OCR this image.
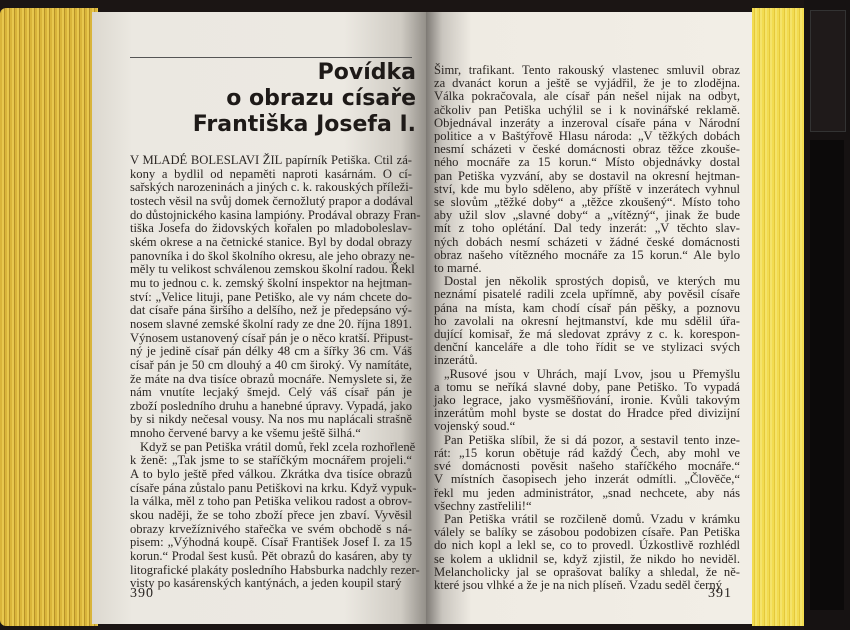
Povídka
o obrazu císaře
Františka Josefa I.
V MLADÉ BOLESLAVI ŽIL papírník Petiška. Ctil zá-
kony a bydlil od nepaměti naproti kasárnám. O cí-
sařských narozeninách a jiných c. k. rakouských příleži-
tostech věsil na svůj domek černožlutý prapor a dodával
do důstojnického kasina lampióny. Prodával obrazy Fran-
tiška Josefa do židovských kořalen po mladoboleslav-
ském okrese a na četnické stanice. Byl by dodal obrazy
panovníka i do škol školního okresu, ale jeho obrazy ne-
měly tu velikost schválenou zemskou školní radou. Řekl
mu to jednou c. k. zemský školní inspektor na hejtman-
ství: „Velice lituji, pane Petiško, ale vy nám chcete do-
dat císaře pána širšího a delšího, než je předepsáno vý-
nosem slavné zemské školní rady ze dne 20. října 1891.
Výnosem ustanovený císař pán je o něco kratší. Připust-
ný je jedině císař pán délky 48 cm a šířky 36 cm. Váš
císař pán je 50 cm dlouhý a 40 cm široký. Vy namítáte,
že máte na dva tisíce obrazů mocnáře. Nemyslete si, že
nám vnutíte lecjaký šmejd. Celý váš císař pán je
zboží posledního druhu a hanebné úpravy. Vypadá, jako
by si nikdy nečesal vousy. Na nos mu naplácali strašně
mnoho červené barvy a ke všemu ještě šilhá.“
Když se pan Petiška vrátil domů, řekl zcela rozhořleně
k ženě: „Tak jsme to se staříčkým mocnářem projeli.“
A to bylo ještě před válkou. Zkrátka dva tisíce obrazů
císaře pána zůstalo panu Petiškovi na krku. Když vypuk-
la válka, měl z toho pan Petiška velikou radost a obrov-
skou naději, že se toho zboží přece jen zbaví. Vyvěsil
obrazy krvežíznivého stařečka ve svém obchodě s ná-
pisem: „Výhodná koupě. Císař František Josef I. za 15
korun.“ Prodal šest kusů. Pět obrazů do kasáren, aby ty
litografické plakáty posledního Habsburka nadchly rezer-
visty po kasárenských kantýnách, a jeden koupil starý
390
Šimr, trafikant. Tento rakouský vlastenec smluvil obraz
za dvanáct korun a ještě se vyjádřil, že je to zlodějna.
Válka pokračovala, ale císař pán nešel nijak na odbyt,
ačkoliv pan Petiška uchýlil se i k novinářské reklamě.
Objednával inzeráty a inzeroval císaře pána v Národní
politice a v Baštýřově Hlasu národa: „V těžkých dobách
nesmí scházeti v české domácnosti obraz těžce zkouše-
ného mocnáře za 15 korun.“ Místo objednávky dostal
pan Petiška vyzvání, aby se dostavil na okresní hejtman-
ství, kde mu bylo sděleno, aby příště v inzerátech vyhnul
se slovům „těžké doby“ a „těžce zkoušený“. Místo toho
aby užil slov „slavné doby“ a „vítězný“, jinak že bude
mít z toho oplétání. Dal tedy inzerát: „V těchto slav-
ných dobách nesmí scházeti v žádné české domácnosti
obraz našeho vítězného mocnáře za 15 korun.“ Ale bylo
to marné.
Dostal jen několik sprostých dopisů, ve kterých mu
neznámí pisatelé radili zcela upřímně, aby pověsil císaře
pána na místa, kam chodí císař pán pěšky, a poznovu
ho zavolali na okresní hejtmanství, kde mu sdělil úřa-
dující komisař, že má sledovat zprávy z c. k. korespon-
denční kanceláře a dle toho řídit se ve stylizaci svých
inzerátů.
„Rusové jsou v Uhrách, mají Lvov, jsou u Přemyšlu
a tomu se neříká slavné doby, pane Petiško. To vypadá
jako legrace, jako vysměšňování, ironie. Kvůli takovým
inzerátům mohl byste se dostat do Hradce před divizijní
vojenský soud.“
Pan Petiška slíbil, že si dá pozor, a sestavil tento inze-
rát: „15 korun obětuje rád každý Čech, aby mohl ve
své domácnosti pověsit našeho staříčkého mocnáře.“
V místních časopisech jeho inzerát odmítli. „Člověče,“
řekl mu jeden administrátor, „snad nechcete, aby nás
všechny zastřelili!“
Pan Petiška vrátil se rozčileně domů. Vzadu v krámku
válely se balíky se zásobou podobizen císaře. Pan Petiška
do nich kopl a lekl se, co to provedl. Úzkostlivě rozhlédl
se kolem a uklidnil se, když zjistil, že nikdo ho neviděl.
Melancholicky jal se oprašovat balíky a shledal, že ně-
které jsou vlhké a že je na nich plíseň. Vzadu seděl černý
391
